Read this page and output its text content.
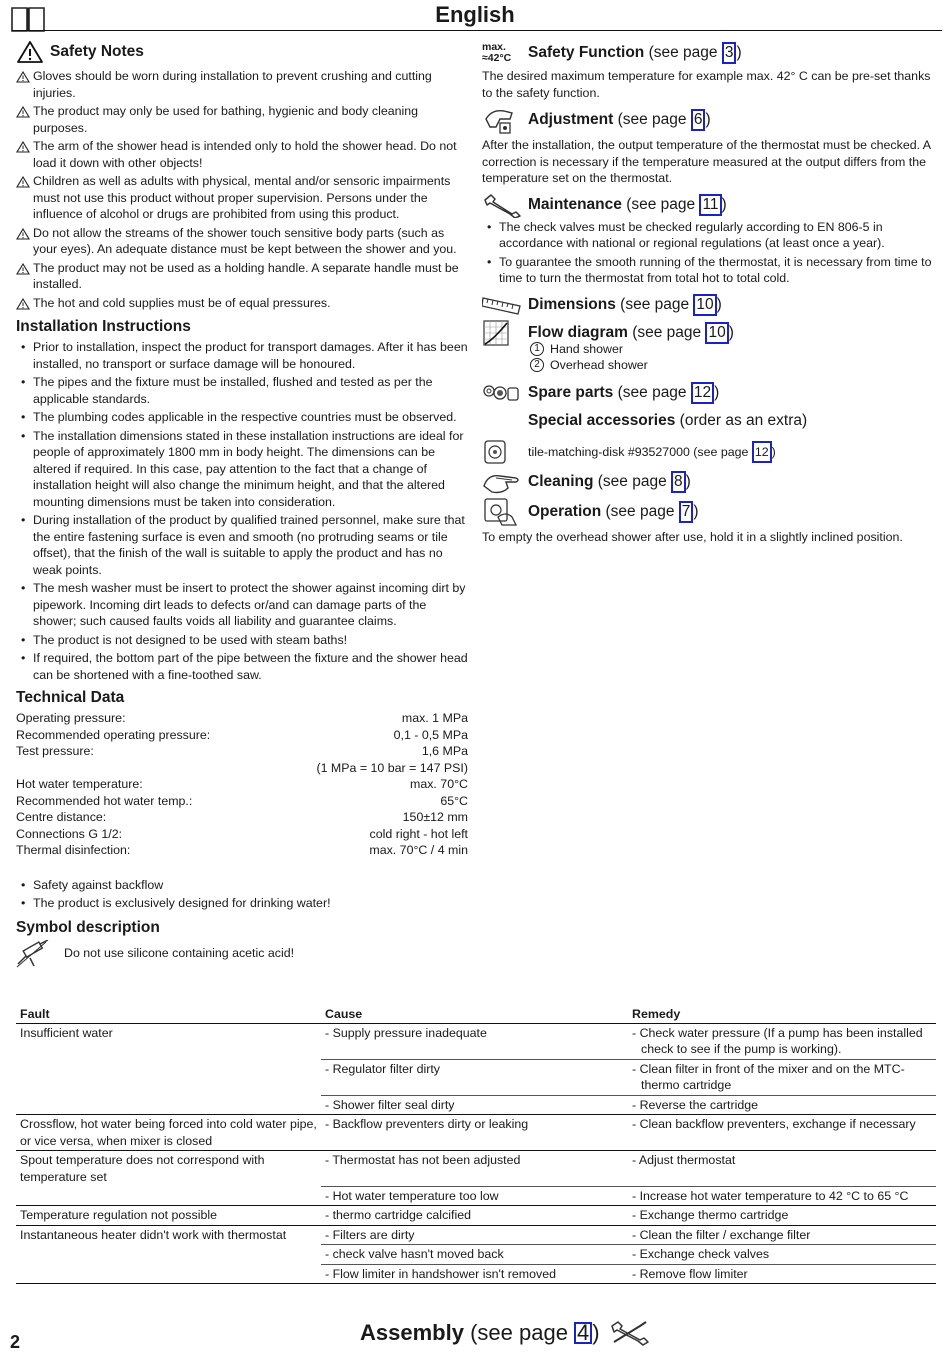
English
Safety Notes
Gloves should be worn during installation to prevent crushing and cutting injuries.
The product may only be used for bathing, hygienic and body cleaning purposes.
The arm of the shower head is intended only to hold the shower head. Do not load it down with other objects!
Children as well as adults with physical, mental and/or sensoric impairments must not use this product without proper supervision. Persons under the influence of alcohol or drugs are prohibited from using this product.
Do not allow the streams of the shower touch sensitive body parts (such as your eyes). An adequate distance must be kept between the shower and you.
The product may not be used as a holding handle. A separate handle must be installed.
The hot and cold supplies must be of equal pressures.
Installation Instructions
• Prior to installation, inspect the product for transport damages. After it has been installed, no transport or surface damage will be honoured.
• The pipes and the fixture must be installed, flushed and tested as per the applicable standards.
• The plumbing codes applicable in the respective countries must be observed.
• The installation dimensions stated in these installation instructions are ideal for people of approximately 1800 mm in body height. The dimensions can be altered if required. In this case, pay attention to the fact that a change of installation height will also change the minimum height, and that the altered mounting dimensions must be taken into consideration.
• During installation of the product by qualified trained personnel, make sure that the entire fastening surface is even and smooth (no protruding seams or tile offset), that the finish of the wall is suitable to apply the product and has no weak points.
• The mesh washer must be insert to protect the shower against incoming dirt by pipework. Incoming dirt leads to defects or/and can damage parts of the shower; such caused faults voids all liability and guarantee claims.
• The product is not designed to be used with steam baths!
• If required, the bottom part of the pipe between the fixture and the shower head can be shortened with a fine-toothed saw.
Technical Data
Operating pressure:	max. 1 MPa
Recommended operating pressure:	0,1 - 0,5 MPa
Test pressure:	1,6 MPa
(1 MPa = 10 bar = 147 PSI)
Hot water temperature:	max. 70°C
Recommended hot water temp.:	65°C
Centre distance:	150±12 mm
Connections G 1/2:	cold right - hot left
Thermal disinfection:	max. 70°C / 4 min
• Safety against backflow
• The product is exclusively designed for drinking water!
Symbol description
Do not use silicone containing acetic acid!
max.
≈42°C Safety Function (see page 3 )
The desired maximum temperature for example max. 42° C can be pre-set thanks to the safety function.
Adjustment (see page 6 )
After the installation, the output temperature of the thermostat must be checked. A correction is necessary if the temperature measured at the output differs from the temperature set on the thermostat.
Maintenance (see page 11 )
• The check valves must be checked regularly according to EN 806-5 in accordance with national or regional regulations (at least once a year).
• To guarantee the smooth running of the thermostat, it is necessary from time to time to turn the thermostat from total hot to total cold.
Dimensions (see page 10 )
Flow diagram (see page 10 )
1 Hand shower
2 Overhead shower
Spare parts (see page 12 )
Special accessories (order as an extra)
tile-matching-disk #93527000 (see page 12 )
Cleaning (see page 8 )
Operation (see page 7 )
To empty the overhead shower after use, hold it in a slightly inclined position.
Fault	Cause	Remedy
Insufficient water	- Supply pressure inadequate	- Check water pressure (If a pump has been installed check to see if the pump is working).

	- Regulator filter dirty	- Clean filter in front of the mixer and on the MTC-thermo cartridge

	- Shower filter seal dirty	- Reverse the cartridge

Crossflow, hot water being forced into cold water pipe, or vice versa, when mixer is closed	- Backflow preventers dirty or leaking	- Clean backflow preventers, exchange if necessary

Spout temperature does not correspond with temperature set	- Thermostat has not been adjusted	- Adjust thermostat

	- Hot water temperature too low	- Increase hot water temperature to 42 °C to 65 °C

Temperature regulation not possible	- thermo cartridge calcified	- Exchange thermo cartridge

Instantaneous heater didn't work with thermostat	- Filters are dirty	- Clean the filter / exchange filter

	- check valve hasn't moved back	- Exchange check valves

	- Flow limiter in handshower isn't removed	- Remove flow limiter
2	Assembly (see page 4 )
